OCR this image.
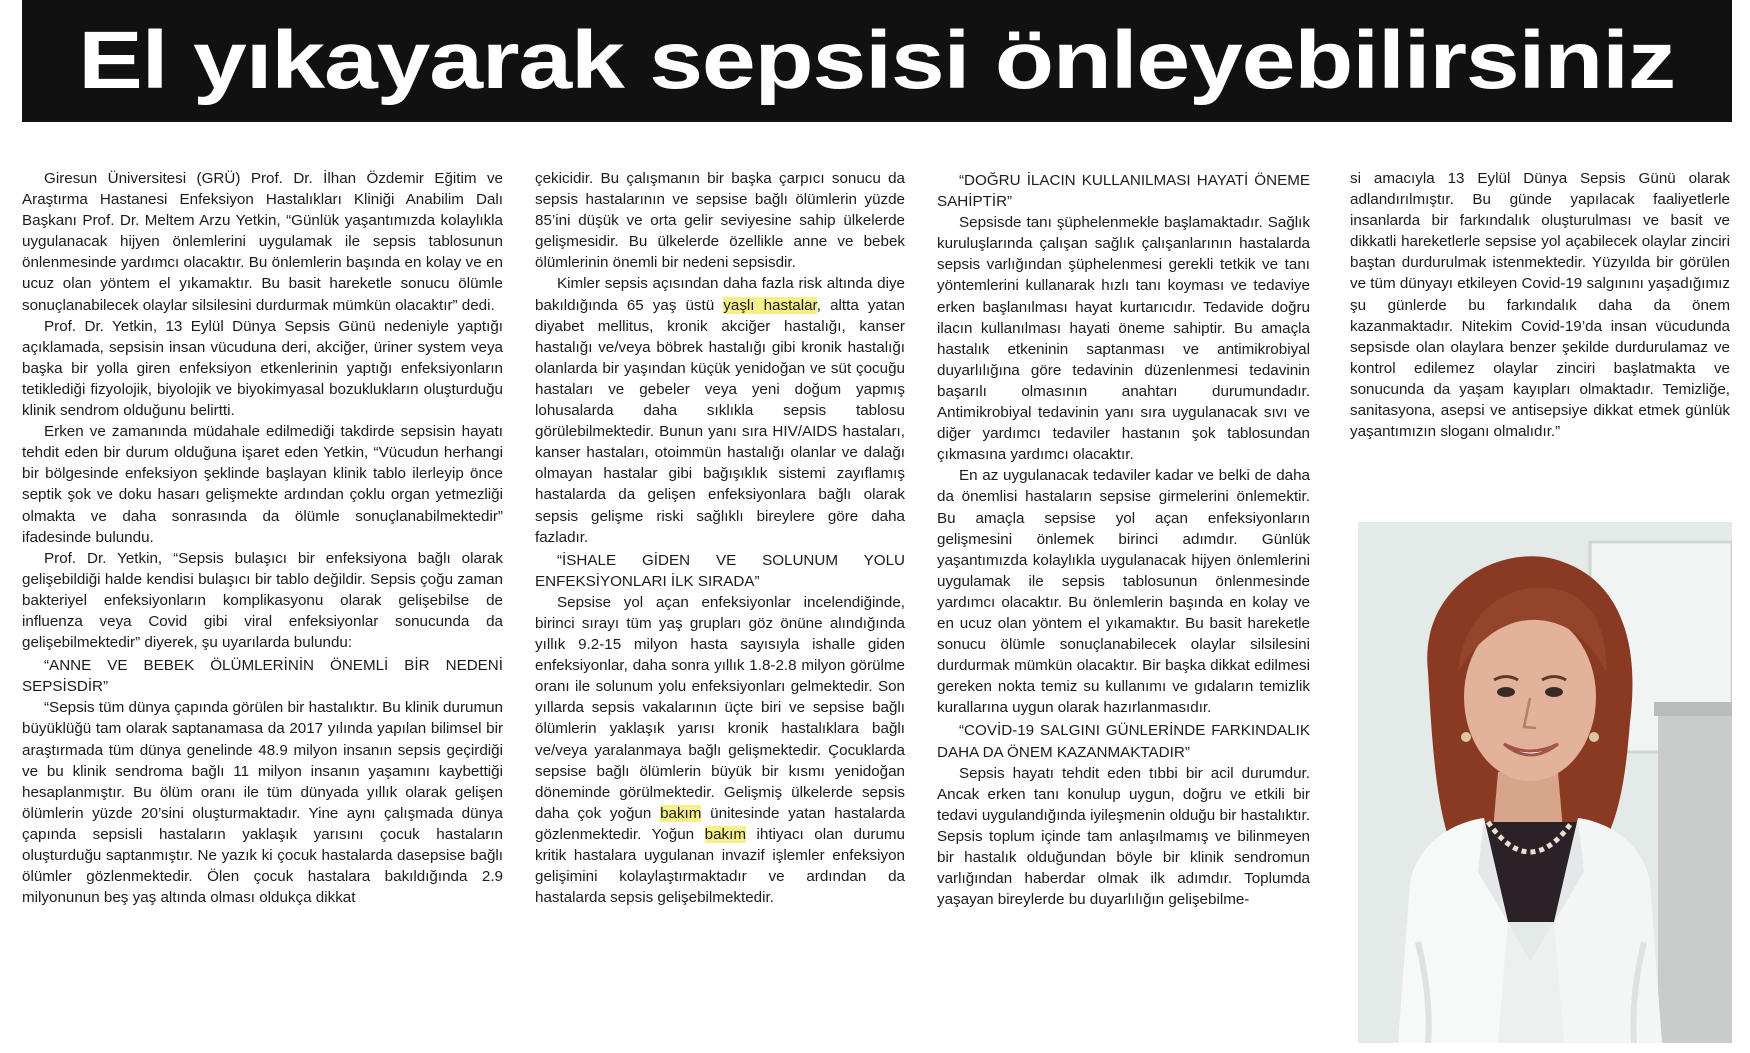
El yıkayarak sepsisi önleyebilirsiniz

Giresun Üniversitesi (GRÜ) Prof. Dr. İlhan Özdemir Eğitim ve Araştırma Hastanesi Enfeksiyon Hastalıkları Kliniği Anabilim Dalı Başkanı Prof. Dr. Meltem Arzu Yetkin, “Günlük yaşantımızda kolaylıkla uygulanacak hijyen önlemlerini uygulamak ile sepsis tablosunun önlenmesinde yardımcı olacaktır. Bu önlemlerin başında en kolay ve en ucuz olan yöntem el yıkamaktır. Bu basit hareketle sonucu ölümle sonuçlanabilecek olaylar silsilesini durdurmak mümkün olacaktır” dedi.

Prof. Dr. Yetkin, 13 Eylül Dünya Sepsis Günü nedeniyle yaptığı açıklamada, sepsisin insan vücuduna deri, akciğer, üriner system veya başka bir yolla giren enfeksiyon etkenlerinin yaptığı enfeksiyonların tetiklediği fizyolojik, biyolojik ve biyokimyasal bozuklukların oluşturduğu klinik sendrom olduğunu belirtti.

Erken ve zamanında müdahale edilmediği takdirde sepsisin hayatı tehdit eden bir durum olduğuna işaret eden Yetkin, “Vücudun herhangi bir bölgesinde enfeksiyon şeklinde başlayan klinik tablo ilerleyip önce septik şok ve doku hasarı gelişmekte ardından çoklu organ yetmezliği olmakta ve daha sonrasında da ölümle sonuçlanabilmektedir” ifadesinde bulundu.

Prof. Dr. Yetkin, “Sepsis bulaşıcı bir enfeksiyona bağlı olarak gelişebildiği halde kendisi bulaşıcı bir tablo değildir. Sepsis çoğu zaman bakteriyel enfeksiyonların komplikasyonu olarak gelişebilse de influenza veya Covid gibi viral enfeksiyonlar sonucunda da gelişebilmektedir” diyerek, şu uyarılarda bulundu:

“ANNE VE BEBEK ÖLÜMLERİNİN ÖNEMLİ BİR NEDENİ SEPSİSDİR”

“Sepsis tüm dünya çapında görülen bir hastalıktır. Bu klinik durumun büyüklüğü tam olarak saptanamasa da 2017 yılında yapılan bilimsel bir araştırmada tüm dünya genelinde 48.9 milyon insanın sepsis geçirdiği ve bu klinik sendroma bağlı 11 milyon insanın yaşamını kaybettiği hesaplanmıştır. Bu ölüm oranı ile tüm dünyada yıllık olarak gelişen ölümlerin yüzde 20’sini oluşturmaktadır. Yine aynı çalışmada dünya çapında sepsisli hastaların yaklaşık yarısını çocuk hastaların oluşturduğu saptanmıştır. Ne yazık ki çocuk hastalarda dasepsise bağlı ölümler gözlenmektedir. Ölen çocuk hastalara bakıldığında 2.9 milyonunun beş yaş altında olması oldukça dikkat

çekicidir. Bu çalışmanın bir başka çarpıcı sonucu da sepsis hastalarının ve sepsise bağlı ölümlerin yüzde 85’ini düşük ve orta gelir seviyesine sahip ülkelerde gelişmesidir. Bu ülkelerde özellikle anne ve bebek ölümlerinin önemli bir nedeni sepsisdir.

Kimler sepsis açısından daha fazla risk altında diye bakıldığında 65 yaş üstü yaşlı hastalar, altta yatan diyabet mellitus, kronik akciğer hastalığı, kanser hastalığı ve/veya böbrek hastalığı gibi kronik hastalığı olanlarda bir yaşından küçük yenidoğan ve süt çocuğu hastaları ve gebeler veya yeni doğum yapmış lohusalarda daha sıklıkla sepsis tablosu görülebilmektedir. Bunun yanı sıra HIV/AIDS hastaları, kanser hastaları, otoimmün hastalığı olanlar ve dalağı olmayan hastalar gibi bağışıklık sistemi zayıflamış hastalarda da gelişen enfeksiyonlara bağlı olarak sepsis gelişme riski sağlıklı bireylere göre daha fazladır.

“İSHALE GİDEN VE SOLUNUM YOLU ENFEKSİYONLARI İLK SIRADA”

Sepsise yol açan enfeksiyonlar incelendiğinde, birinci sırayı tüm yaş grupları göz önüne alındığında yıllık 9.2-15 milyon hasta sayısıyla ishalle giden enfeksiyonlar, daha sonra yıllık 1.8-2.8 milyon görülme oranı ile solunum yolu enfeksiyonları gelmektedir. Son yıllarda sepsis vakalarının üçte biri ve sepsise bağlı ölümlerin yaklaşık yarısı kronik hastalıklara bağlı ve/veya yaralanmaya bağlı gelişmektedir. Çocuklarda sepsise bağlı ölümlerin büyük bir kısmı yenidoğan döneminde görülmektedir. Gelişmiş ülkelerde sepsis daha çok yoğun bakım ünitesinde yatan hastalarda gözlenmektedir. Yoğun bakım ihtiyacı olan durumu kritik hastalara uygulanan invazif işlemler enfeksiyon gelişimini kolaylaştırmaktadır ve ardından da hastalarda sepsis gelişebilmektedir.

“DOĞRU İLACIN KULLANILMASI HAYATİ ÖNEME SAHİPTİR”

Sepsisde tanı şüphelenmekle başlamaktadır. Sağlık kuruluşlarında çalışan sağlık çalışanlarının hastalarda sepsis varlığından şüphelenmesi gerekli tetkik ve tanı yöntemlerini kullanarak hızlı tanı koyması ve tedaviye erken başlanılması hayat kurtarıcıdır. Tedavide doğru ilacın kullanılması hayati öneme sahiptir. Bu amaçla hastalık etkeninin saptanması ve antimikrobiyal duyarlılığına göre tedavinin düzenlenmesi tedavinin başarılı olmasının anahtarı durumundadır. Antimikrobiyal tedavinin yanı sıra uygulanacak sıvı ve diğer yardımcı tedaviler hastanın şok tablosundan çıkmasına yardımcı olacaktır.

En az uygulanacak tedaviler kadar ve belki de daha da önemlisi hastaların sepsise girmelerini önlemektir. Bu amaçla sepsise yol açan enfeksiyonların gelişmesini önlemek birinci adımdır. Günlük yaşantımızda kolaylıkla uygulanacak hijyen önlemlerini uygulamak ile sepsis tablosunun önlenmesinde yardımcı olacaktır. Bu önlemlerin başında en kolay ve en ucuz olan yöntem el yıkamaktır. Bu basit hareketle sonucu ölümle sonuçlanabilecek olaylar silsilesini durdurmak mümkün olacaktır. Bir başka dikkat edilmesi gereken nokta temiz su kullanımı ve gıdaların temizlik kurallarına uygun olarak hazırlanmasıdır.

“COVİD-19 SALGINI GÜNLERİNDE FARKINDALIK DAHA DA ÖNEM KAZANMAKTADIR”

Sepsis hayatı tehdit eden tıbbi bir acil durumdur. Ancak erken tanı konulup uygun, doğru ve etkili bir tedavi uygulandığında iyileşmenin olduğu bir hastalıktır. Sepsis toplum içinde tam anlaşılmamış ve bilinmeyen bir hastalık olduğundan böyle bir klinik sendromun varlığından haberdar olmak ilk adımdır. Toplumda yaşayan bireylerde bu duyarlılığın gelişebilme-

si amacıyla 13 Eylül Dünya Sepsis Günü olarak adlandırılmıştır. Bu günde yapılacak faaliyetlerle insanlarda bir farkındalık oluşturulması ve basit ve dikkatli hareketlerle sepsise yol açabilecek olaylar zinciri baştan durdurulmak istenmektedir. Yüzyılda bir görülen ve tüm dünyayı etkileyen Covid-19 salgınını yaşadığımız şu günlerde bu farkındalık daha da önem kazanmaktadır. Nitekim Covid-19’da insan vücudunda sepsisde olan olaylara benzer şekilde durdurulamaz ve kontrol edilemez olaylar zinciri başlatmakta ve sonucunda da yaşam kayıpları olmaktadır. Temizliğe, sanitasyona, asepsi ve antisepsiye dikkat etmek günlük yaşantımızın sloganı olmalıdır.”
